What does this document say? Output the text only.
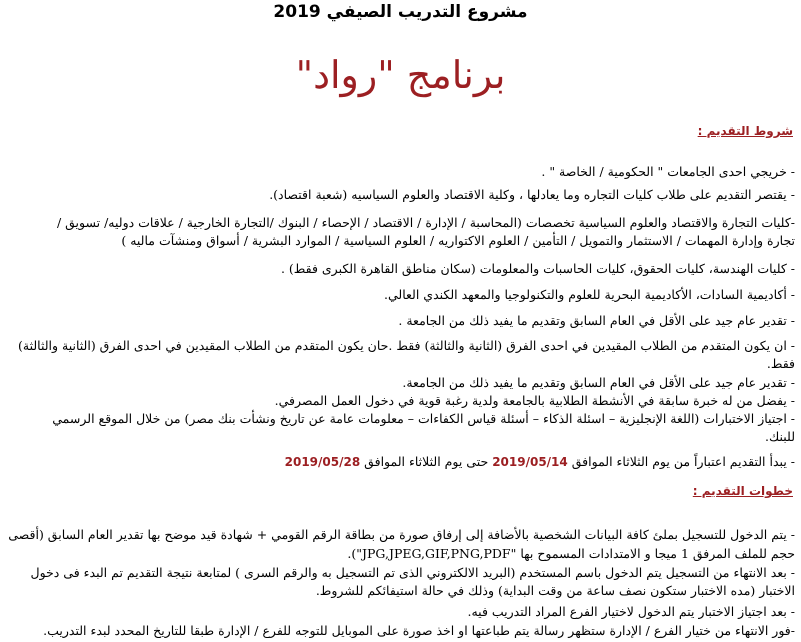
مشروع التدريب الصيفي 2019
برنامج "رواد"
شروط التقديم :
- خريجي احدى الجامعات " الحكومية / الخاصة " .
- يقتصر التقديم على طلاب كليات التجاره وما يعادلها ، وكلية الاقتصاد والعلوم السياسيه (شعبة اقتصاد).
-كليات التجارة والاقتصاد والعلوم السياسية تخصصات (المحاسبة / الإدارة / الاقتصاد / الإحصاء / البنوك /التجارة الخارجية / علاقات دوليه/ تسويق /
تجارة وإدارة المهمات / الاستثمار والتمويل / التأمين / العلوم الاكتواريه / العلوم السياسية / الموارد البشرية / أسواق ومنشآت ماليه )
- كليات الهندسة، كليات الحقوق، كليات الحاسبات والمعلومات (سكان مناطق القاهرة الكبرى فقط) .
- أكاديمية السادات، الأكاديمية البحرية للعلوم والتكنولوجيا والمعهد الكندي العالي.
- تقدير عام جيد على الأقل في العام السابق وتقديم ما يفيد ذلك من الجامعة .
- ان يكون المتقدم من الطلاب المقيدين في احدى الفرق (الثانية والثالثة) فقط .حان يكون المتقدم من الطلاب المقيدين في احدى الفرق (الثانية والثالثة)
فقط.
- تقدير عام جيد على الأقل في العام السابق وتقديم ما يفيد ذلك من الجامعة.
- يفضل من له خبرة سابقة في الأنشطة الطلابية بالجامعة ولدية رغبة قوية في دخول العمل المصرفي.
- اجتياز الاختبارات (اللغة الإنجليزية – اسئلة الذكاء – أسئلة قياس الكفاءات – معلومات عامة عن تاريخ ونشأت بنك مصر) من خلال الموقع الرسمي
للبنك.
- يبدأ التقديم اعتباراً من يوم الثلاثاء الموافق 2019/05/14 حتى يوم الثلاثاء الموافق 2019/05/28
خطوات التقديم :
- يتم الدخول للتسجيل بملئ كافة البيانات الشخصية بالأضافة إلى إرفاق صورة من بطاقة الرقم القومي + شهادة قيد موضح بها تقدير العام السابق (أقصى
حجم للملف المرفق 1 ميجا و الامتدادات المسموح بها "JPG,JPEG,GIF,PNG,PDF").
- بعد الانتهاء من التسجيل يتم الدخول باسم المستخدم (البريد الالكتروني الذى تم التسجيل به والرقم السرى ) لمتابعة نتيجة التقديم تم البدء فى دخول
الاختبار (مده الاختبار ستكون نصف ساعة من وقت البداية) وذلك في حالة استيفائكم للشروط.
- بعد اجتياز الاختبار يتم الدخول لاختيار الفرع المراد التدريب فيه.
-فور الانتهاء من ختيار الفرع / الإدارة ستظهر رسالة يتم طباعتها او اخذ صورة على الموبايل للتوجه للفرع / الإدارة طبقا للتاريخ المحدد لبدء التدريب.
